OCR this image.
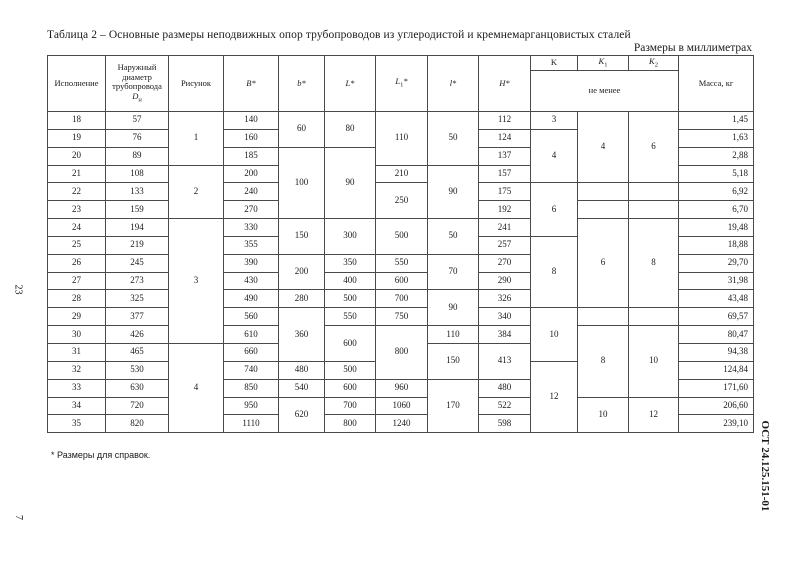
Таблица 2 – Основные размеры неподвижных опор трубопроводов из углеродистой и кремнемарганцовистых сталей
Размеры в миллиметрах
Исполнение	Наружный
диаметр
трубопровода
$D_н$	Рисунок	B*	b*	L*	$L_1*$	l*	H*	K	$K_1$	$K_2$	Масса, кг
									не менее			
18	57	1	140	60	80	110	50	112	3	4	6	1,45
19	76		160					124	4			1,63
20	89		185	100	90			137				2,88
21	108	2	200			210	90	157				5,18
22	133		240			250		175	6			6,92
23	159		270					192				6,70
24	194	3	330	150	300	500	50	241		6	8	19,48
25	219		355					257	8			18,88
26	245		390	200	350	550	70	270				29,70
27	273		430		400	600		290				31,98
28	325		490	280	500	700	90	326				43,48
29	377		560	360	550	750		340	10			69,57
30	426		610		600	800	110	384		8	10	80,47
31	465	4	660				150	413				94,38
32	530		740	480	500				12			124,84
33	630		850	540	600	960	170	480				171,60
34	720		950	620	700	1060		522		10	12	206,60
35	820		1110		800	1240		598				239,10
* Размеры для справок.
23
7
ОСТ 24.125.151-01
